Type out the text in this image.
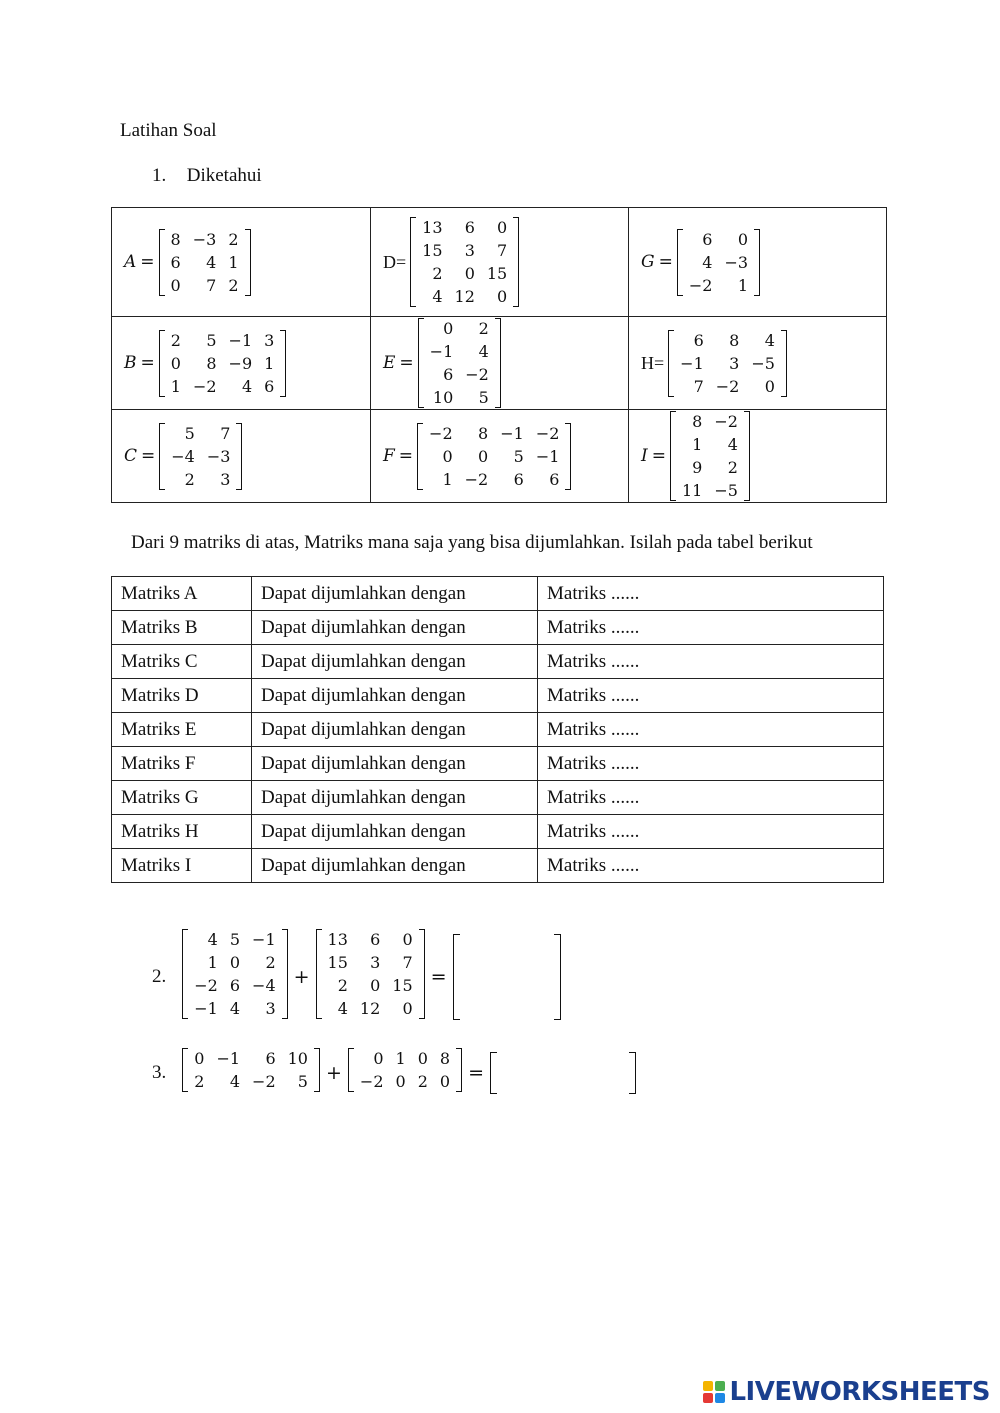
Latihan Soal
1. Diketahui
A =
8	−3	2
6	4	1
0	7	2

D=
13	6	0
15	3	7
2	0	15
4	12	0

G =
6	0
4	−3
−2	1

B =
2	5	−1	3
0	8	−9	1
1	−2	4	6

E =
0	2
−1	4
6	−2
10	5

H=
6	8	4
−1	3	−5
7	−2	0

C =
5	7
−4	−3
2	3

F =
−2	8	−1	−2
0	0	5	−1
1	−2	6	6

I =
8	−2
1	4
9	2
11	−5
Dari 9 matriks di atas, Matriks mana saja yang bisa dijumlahkan. Isilah pada tabel berikut
Matriks A	Dapat dijumlahkan dengan	Matriks ......
Matriks B	Dapat dijumlahkan dengan	Matriks ......
Matriks C	Dapat dijumlahkan dengan	Matriks ......
Matriks D	Dapat dijumlahkan dengan	Matriks ......
Matriks E	Dapat dijumlahkan dengan	Matriks ......
Matriks F	Dapat dijumlahkan dengan	Matriks ......
Matriks G	Dapat dijumlahkan dengan	Matriks ......
Matriks H	Dapat dijumlahkan dengan	Matriks ......
Matriks I	Dapat dijumlahkan dengan	Matriks ......
2.
4	5	−1
1	0	2
−2	6	−4
−1	4	3
+
13	6	0
15	3	7
2	0	15
4	12	0
=
3.
0	−1	6	10
2	4	−2	5 +
0	1	0	8
−2	0	2	0 =
LIVEWORKSHEETS
